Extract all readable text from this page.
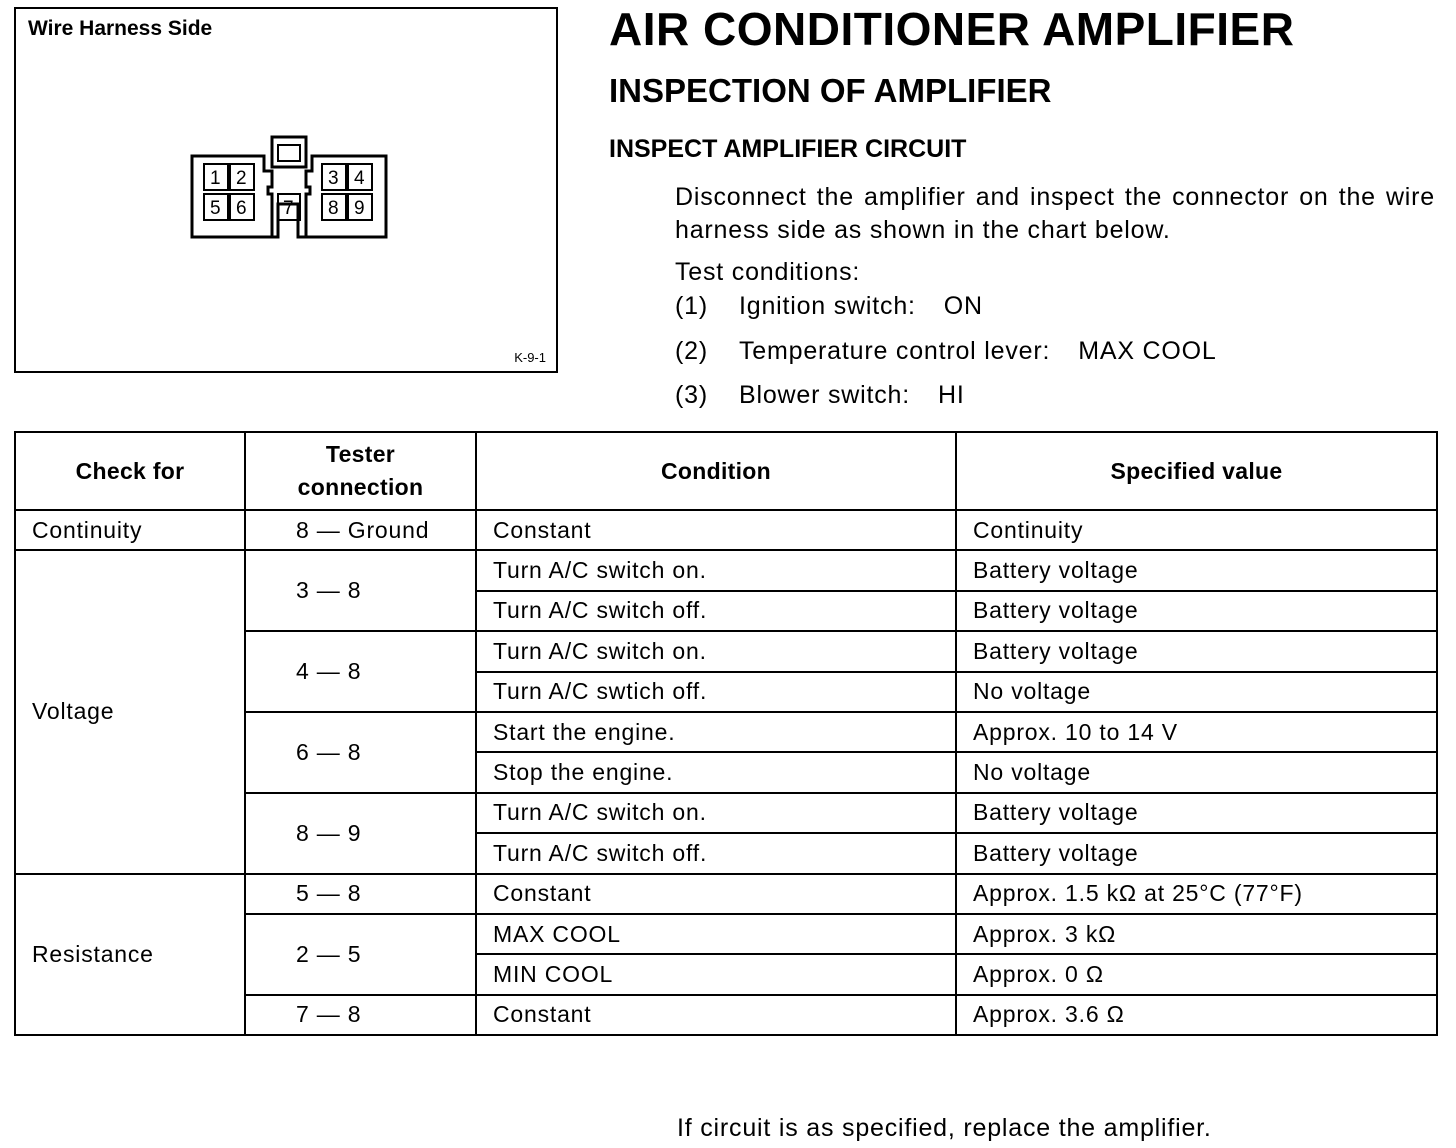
Wire Harness Side
1 2	3 4
5 6 7 8 9
K-9-1
AIR CONDITIONER AMPLIFIER
INSPECTION OF AMPLIFIER
INSPECT AMPLIFIER CIRCUIT
Disconnect the amplifier and inspect the connector on the wire harness side as shown in the chart below.
Test conditions:
(1) Ignition switch: ON
(2) Temperature control lever: MAX COOL
(3) Blower switch: HI
Check for	Tester connection	Condition	Specified value
Continuity	8 — Ground	Constant	Continuity
Voltage	3 — 8	Turn A/C switch on.	Battery voltage
		Turn A/C switch off.	Battery voltage
	4 — 8	Turn A/C switch on.	Battery voltage
		Turn A/C swtich off.	No voltage
	6 — 8	Start the engine.	Approx. 10 to 14 V
		Stop the engine.	No voltage
	8 — 9	Turn A/C switch on.	Battery voltage
		Turn A/C switch off.	Battery voltage
Resistance	5 — 8	Constant	Approx. 1.5 kΩ at 25°C (77°F)
	2 — 5	MAX COOL	Approx. 3 kΩ
		MIN COOL	Approx. 0 Ω
	7 — 8	Constant	Approx. 3.6 Ω
If circuit is as specified, replace the amplifier.
